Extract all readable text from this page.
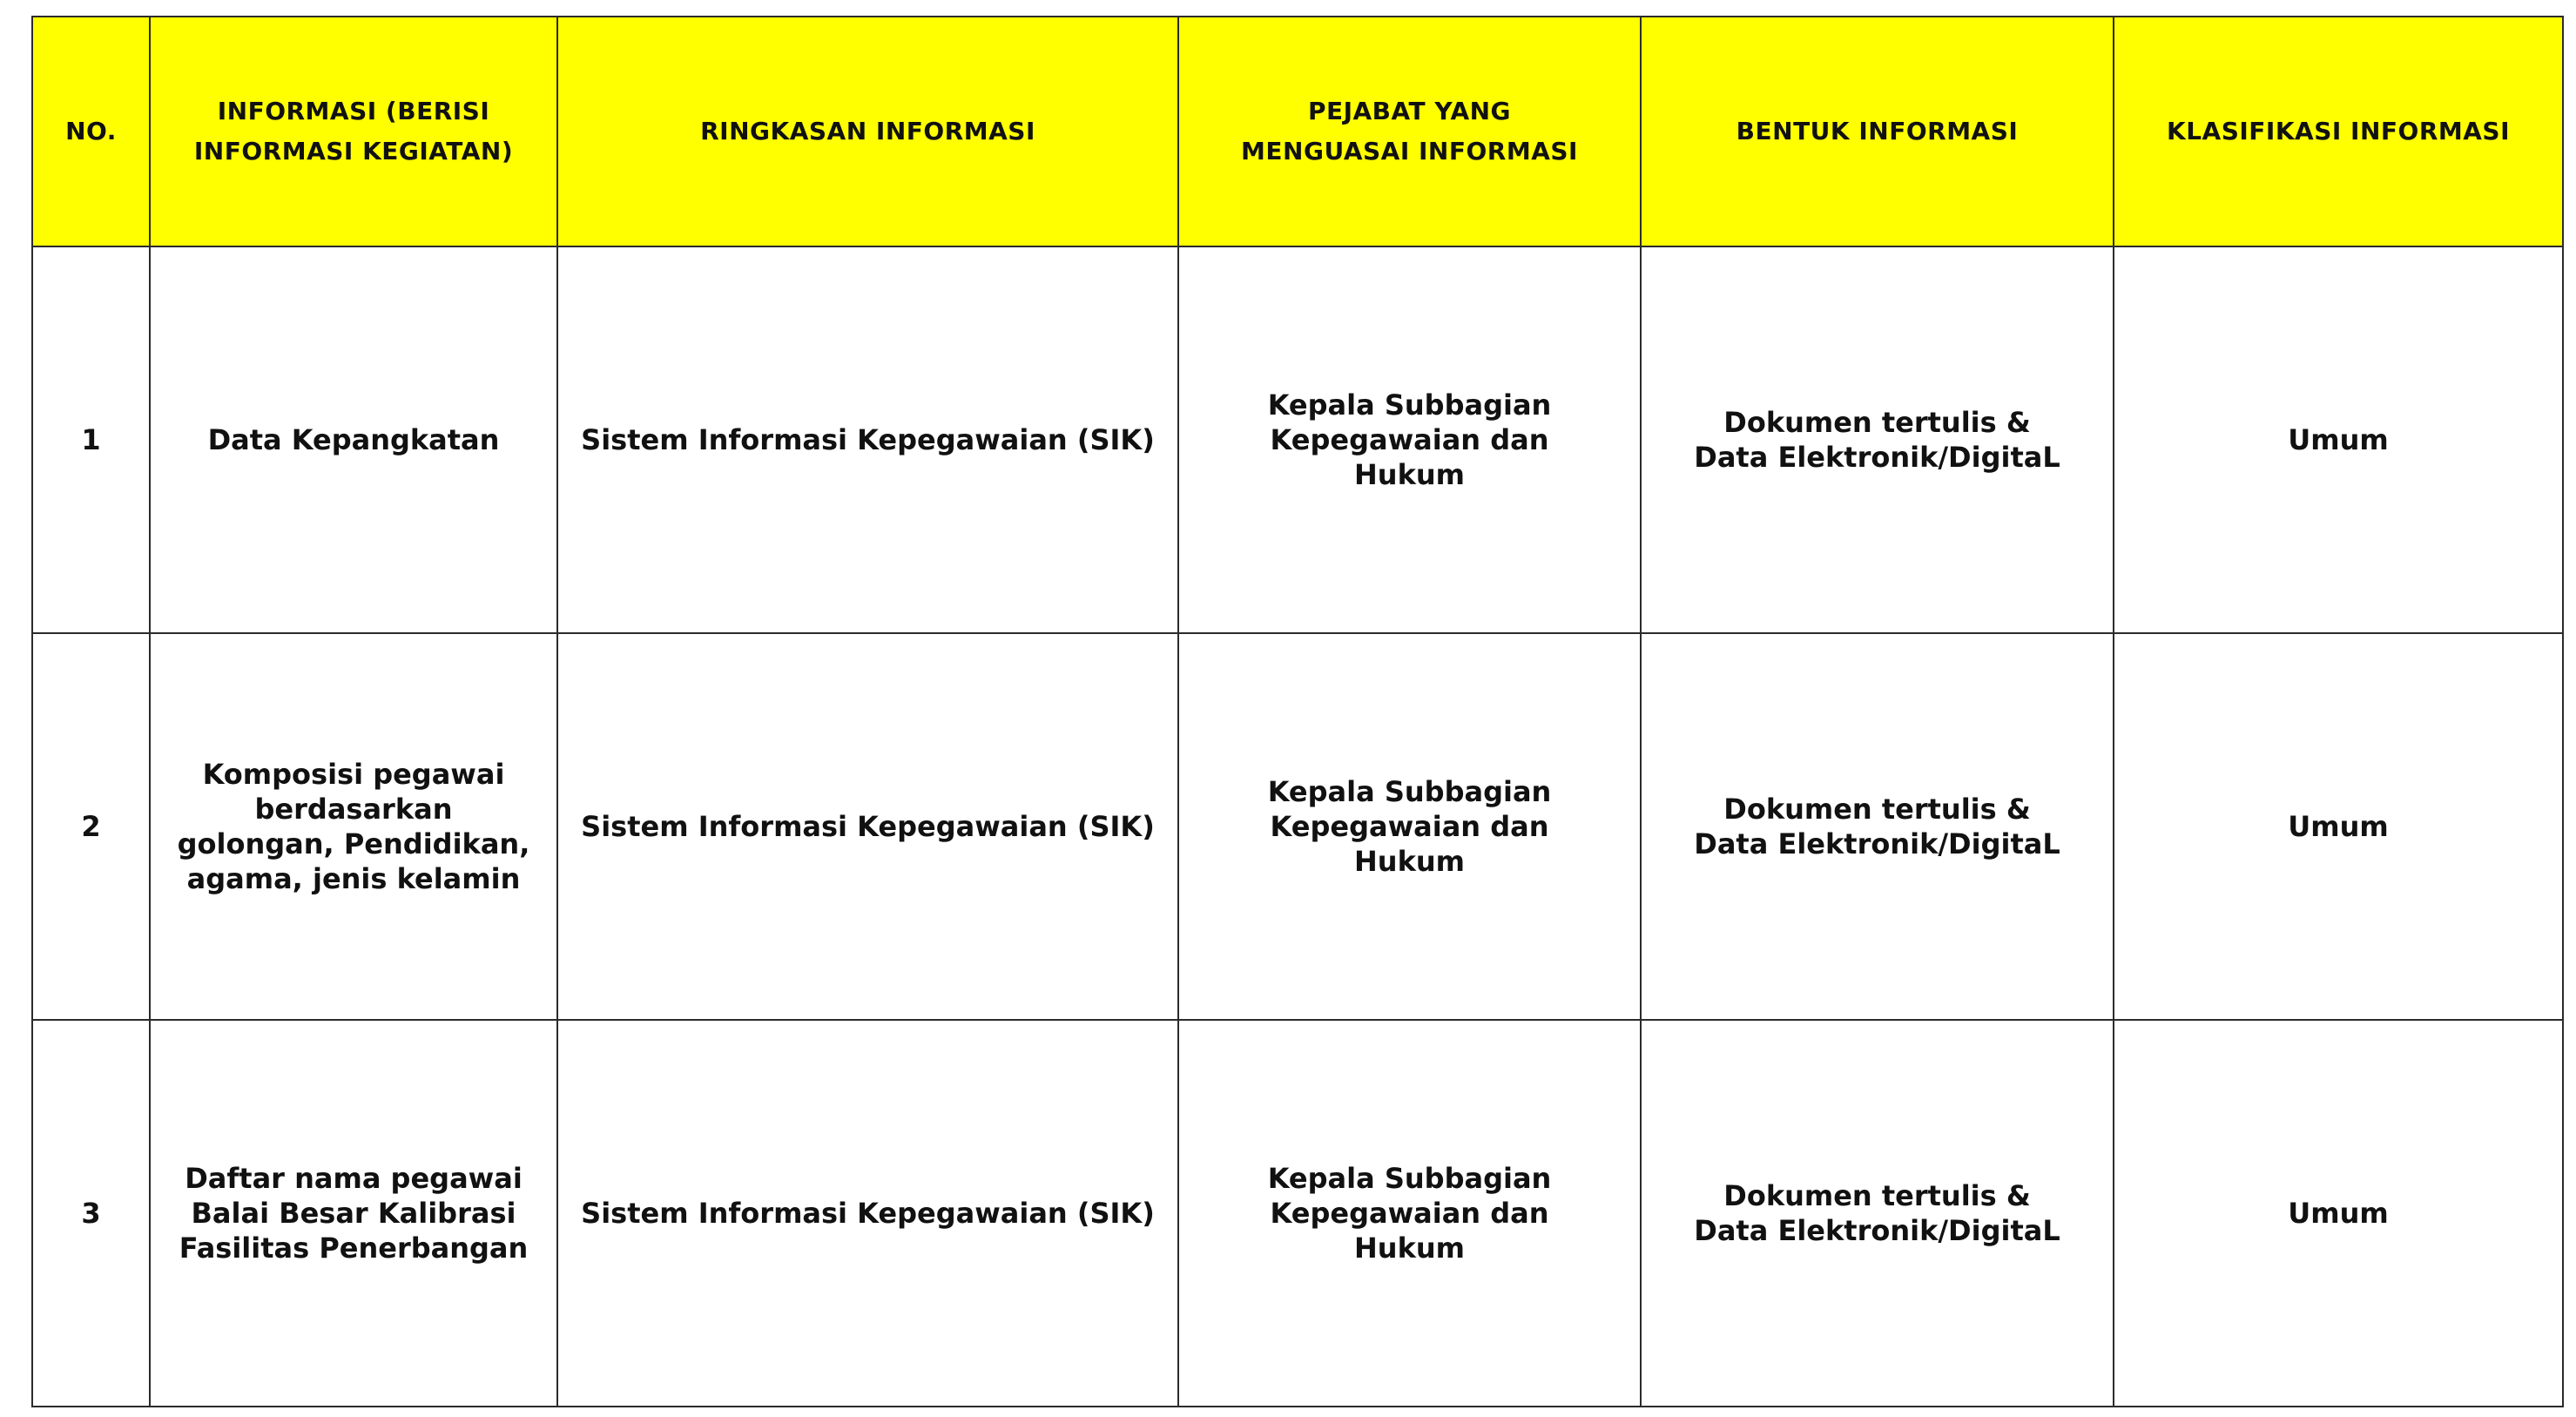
NO.	INFORMASI (BERISI INFORMASI KEGIATAN)	RINGKASAN INFORMASI	PEJABAT YANG MENGUASAI INFORMASI	BENTUK INFORMASI	KLASIFIKASI INFORMASI
1	Data Kepangkatan	Sistem Informasi Kepegawaian (SIK)	Kepala Subbagian Kepegawaian dan Hukum	Dokumen tertulis & Data Elektronik/DigitaL	Umum
2	Komposisi pegawai berdasarkan golongan, Pendidikan, agama, jenis kelamin	Sistem Informasi Kepegawaian (SIK)	Kepala Subbagian Kepegawaian dan Hukum	Dokumen tertulis & Data Elektronik/DigitaL	Umum
3	Daftar nama pegawai Balai Besar Kalibrasi Fasilitas Penerbangan	Sistem Informasi Kepegawaian (SIK)	Kepala Subbagian Kepegawaian dan Hukum	Dokumen tertulis & Data Elektronik/DigitaL	Umum
